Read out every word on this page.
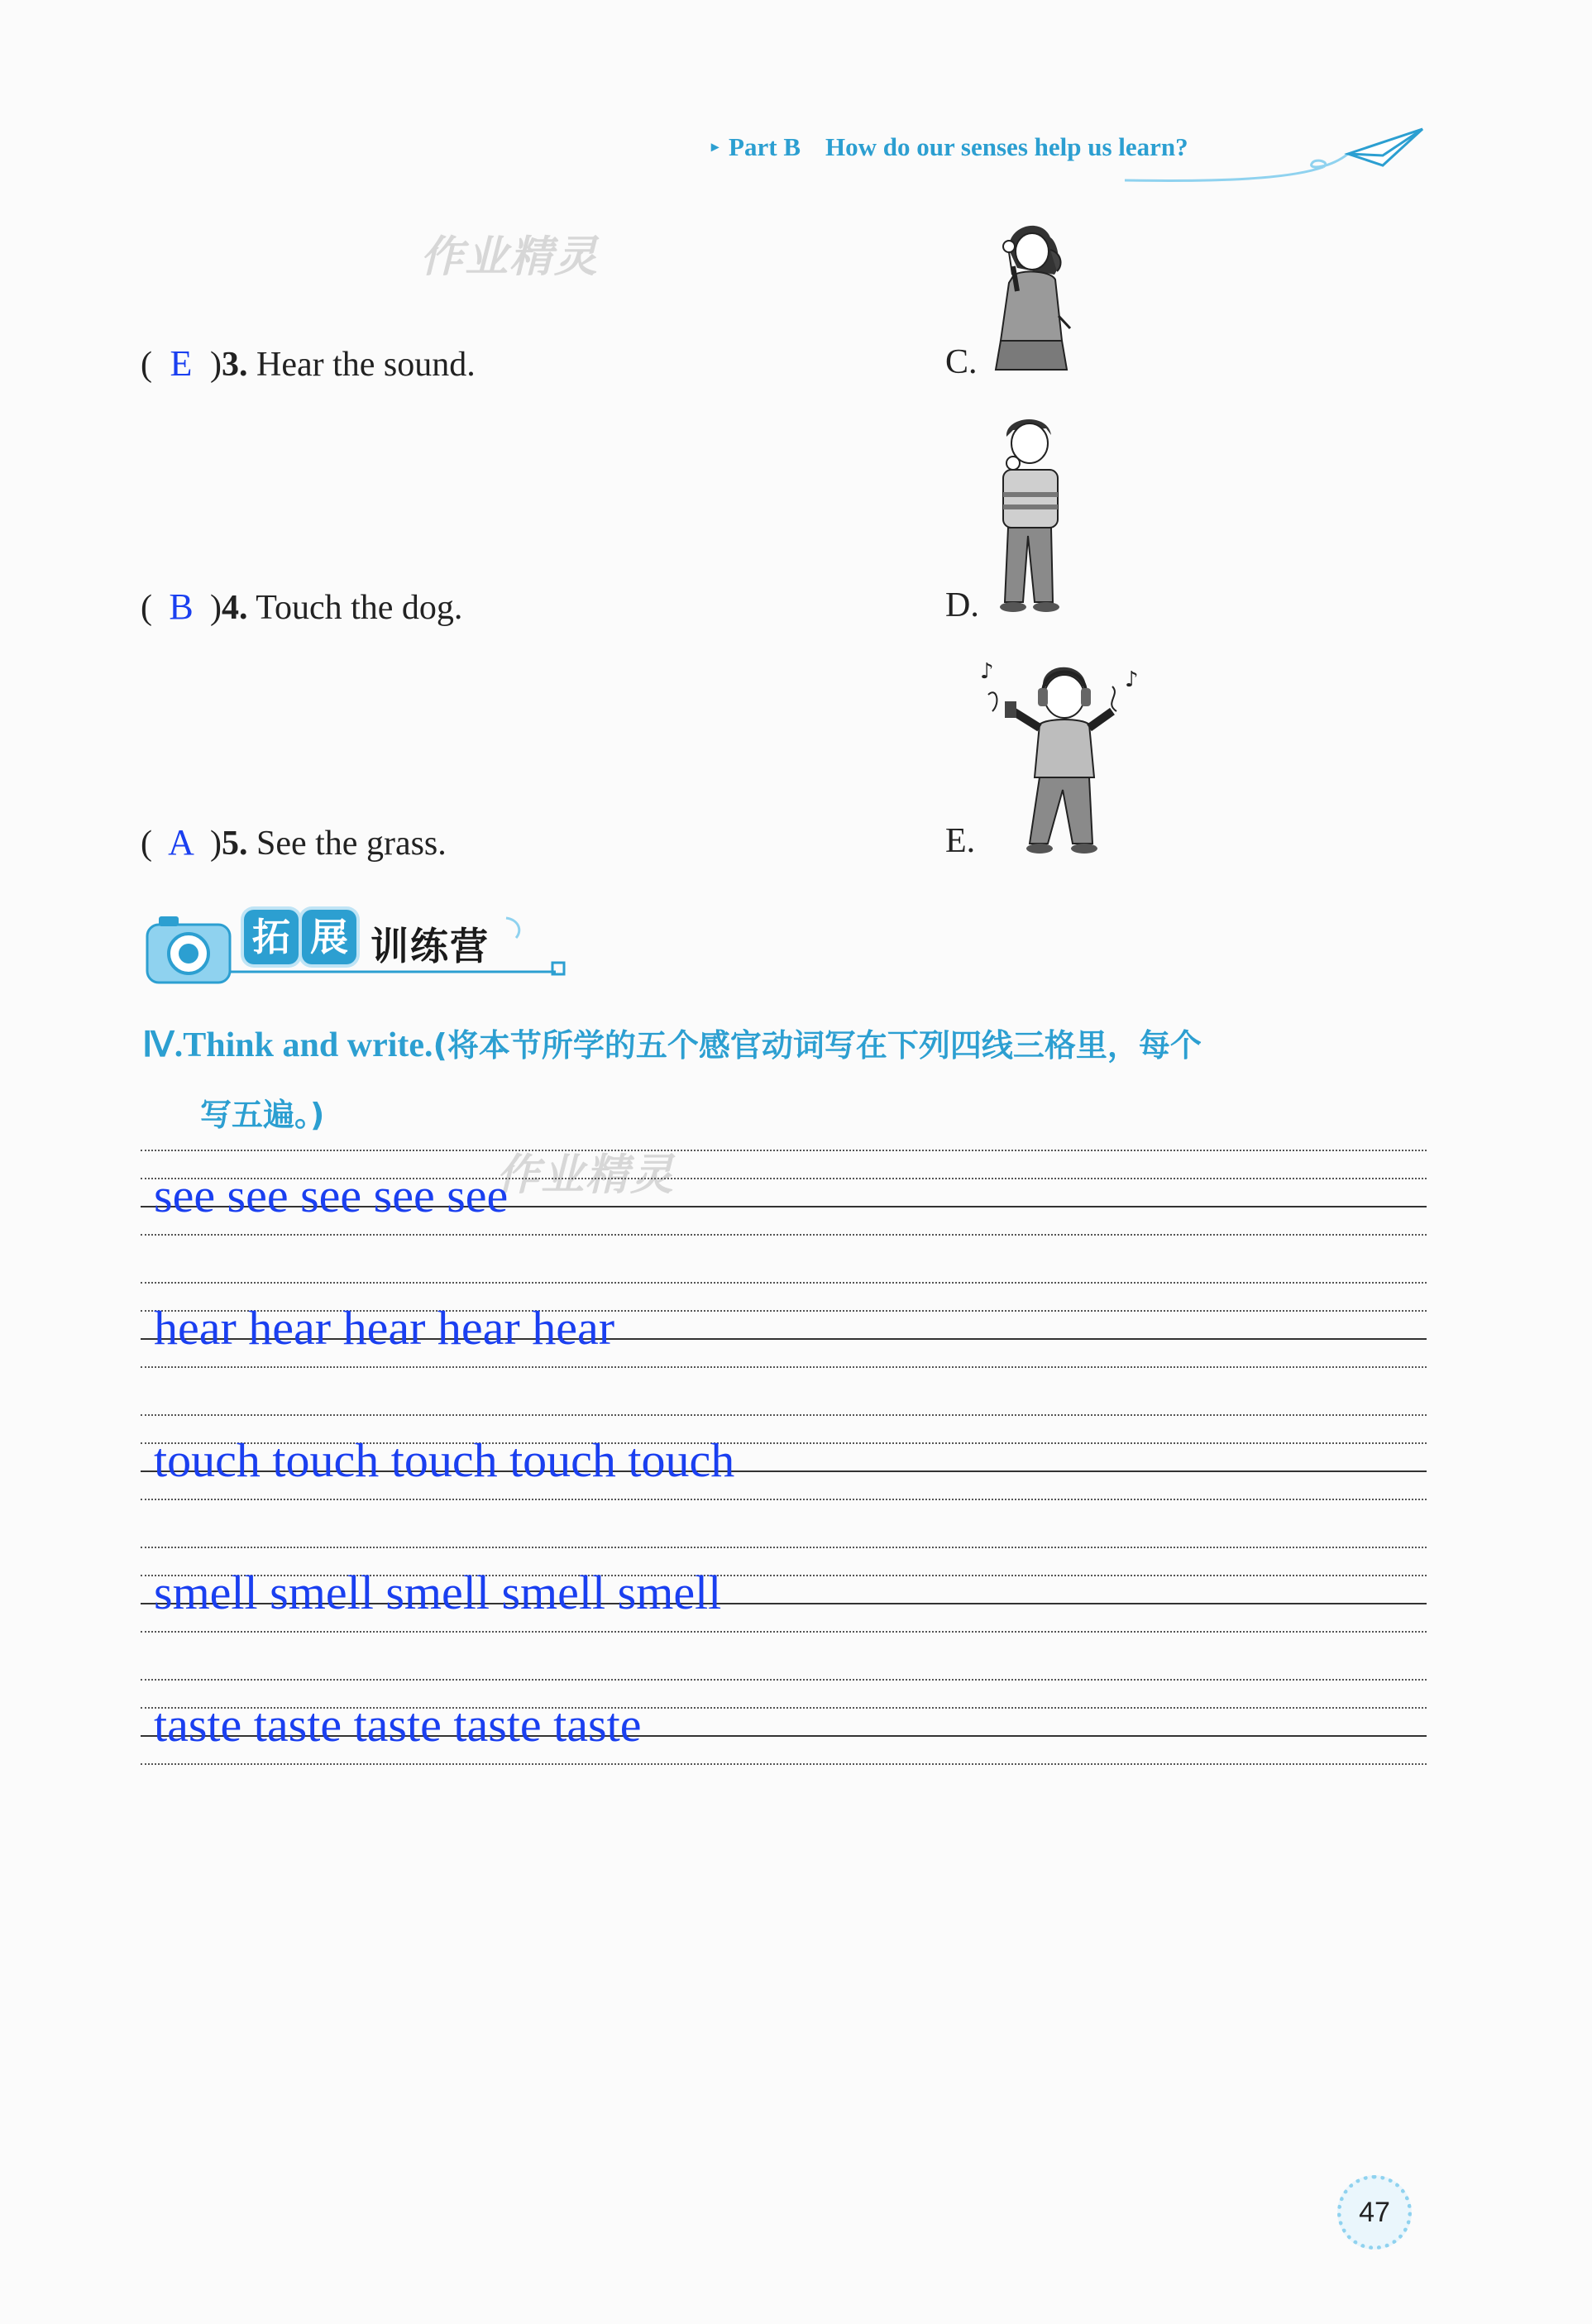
▸ Part B How do our senses help us learn?
作业精灵
作业精灵
( E )3. Hear the sound.
( B )4. Touch the dog.
( A )5. See the grass.
C.
D.
E.
♪	♪
拓 展 训练营
Ⅳ.Think and write.(将本节所学的五个感官动词写在下列四线三格里，每个
写五遍。)
see see see see see
hear hear hear hear hear
touch touch touch touch touch
smell smell smell smell smell
taste taste taste taste taste
47
